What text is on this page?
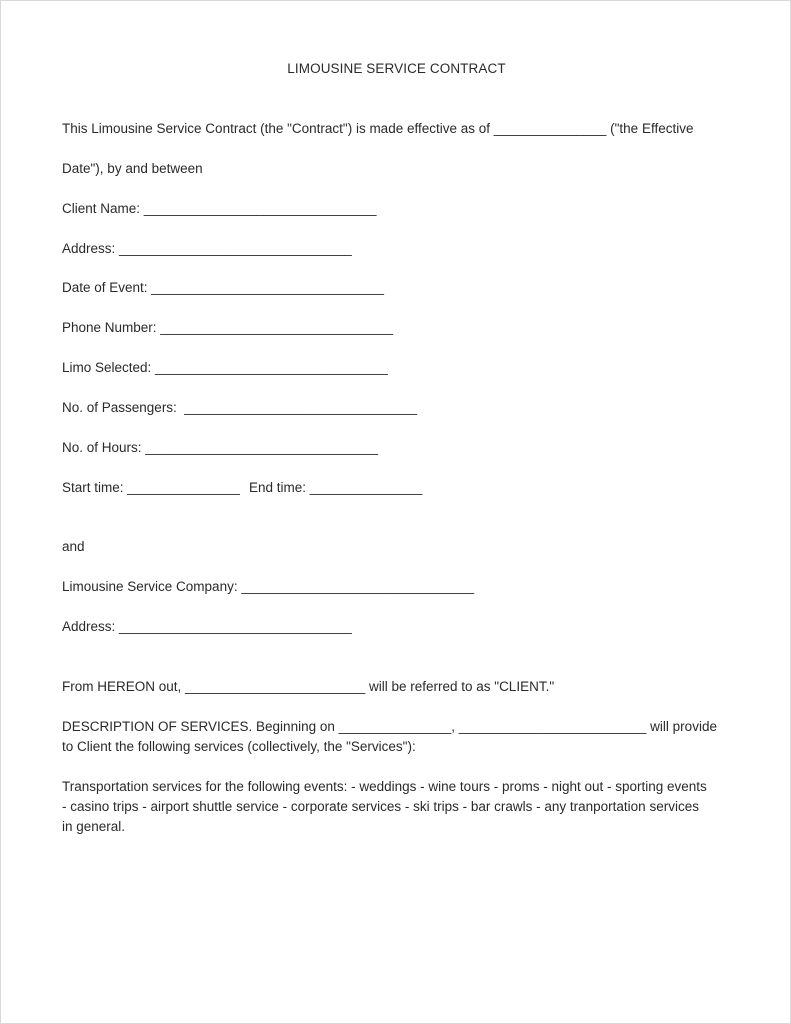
LIMOUSINE SERVICE CONTRACT
This Limousine Service Contract (the "Contract") is made effective as of _______________ ("the Effective
Date"), by and between
Client Name: _______________________________
Address: _______________________________
Date of Event: _______________________________
Phone Number: _______________________________
Limo Selected: _______________________________
No. of Passengers:  _______________________________
No. of Hours: _______________________________
Start time: _______________ End time: _______________
and
Limousine Service Company: _______________________________
Address: _______________________________
From HEREON out, ________________________ will be referred to as "CLIENT."
DESCRIPTION OF SERVICES. Beginning on _______________, _________________________ will provide
to Client the following services (collectively, the "Services"):
Transportation services for the following events: - weddings - wine tours - proms - night out - sporting events
- casino trips - airport shuttle service - corporate services - ski trips - bar crawls - any tranportation services
in general.
